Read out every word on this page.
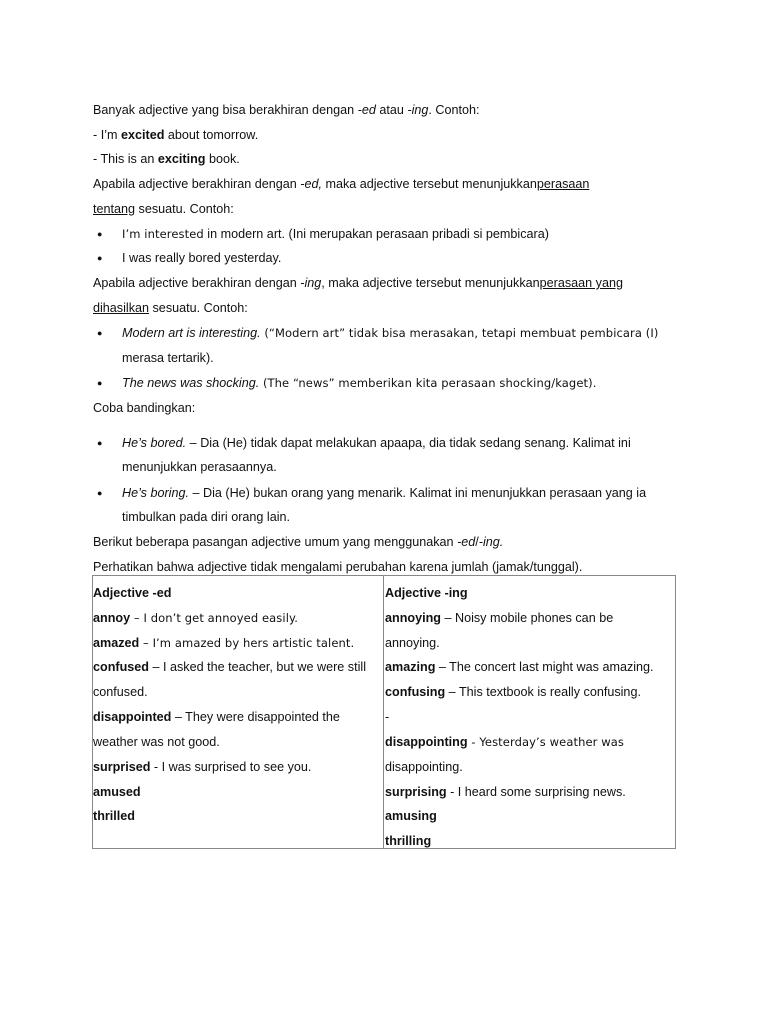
Banyak adjective yang bisa berakhiran dengan -ed atau -ing. Contoh:
- I’m excited about tomorrow.
- This is an exciting book.
Apabila adjective berakhiran dengan -ed, maka adjective tersebut menunjukkanperasaan
tentang sesuatu. Contoh:
● I’m interested in modern art. (Ini merupakan perasaan pribadi si pembicara)
● I was really bored yesterday.
Apabila adjective berakhiran dengan -ing, maka adjective tersebut menunjukkanperasaan yang
dihasilkan sesuatu. Contoh:
● Modern art is interesting. (“Modern art” tidak bisa merasakan, tetapi membuat pembicara (I)
merasa tertarik).
● The news was shocking. (The “news” memberikan kita perasaan shocking/kaget).
Coba bandingkan:
● He’s bored. – Dia (He) tidak dapat melakukan apaapa, dia tidak sedang senang. Kalimat ini
menunjukkan perasaannya.
● He’s boring. – Dia (He) bukan orang yang menarik. Kalimat ini menunjukkan perasaan yang ia
timbulkan pada diri orang lain.
Berikut beberapa pasangan adjective umum yang menggunakan -ed/-ing.
Perhatikan bahwa adjective tidak mengalami perubahan karena jumlah (jamak/tunggal).
Adjective -ed
annoy – I don’t get annoyed easily.
amazed – I’m amazed by hers artistic talent.
confused – I asked the teacher, but we were still
confused.
disappointed – They were disappointed the
weather was not good.
surprised - I was surprised to see you.
amused
thrilled
Adjective -ing
annoying – Noisy mobile phones can be
annoying.
amazing – The concert last might was amazing.
confusing – This textbook is really confusing.
-
disappointing - Yesterday’s weather was
disappointing.
surprising - I heard some surprising news.
amusing
thrilling
